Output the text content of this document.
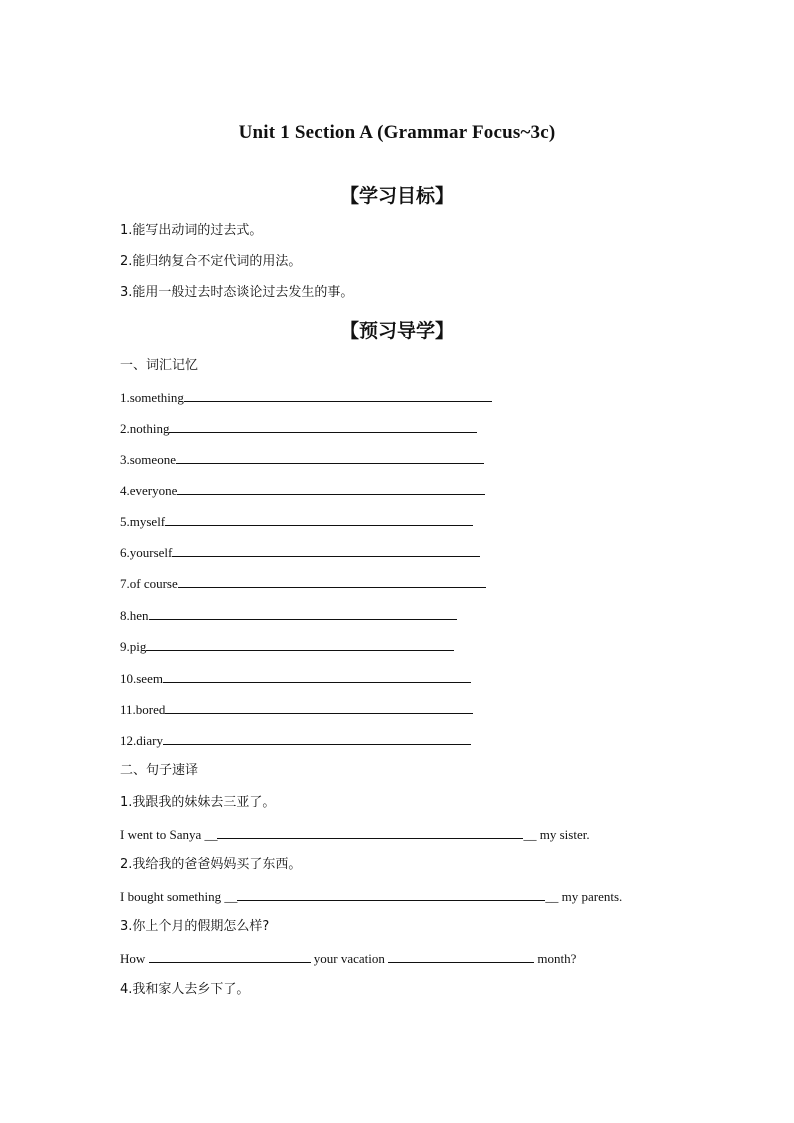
Unit 1 Section A (Grammar Focus~3c)
【学习目标】
1.能写出动词的过去式。
2.能归纳复合不定代词的用法。
3.能用一般过去时态谈论过去发生的事。
【预习导学】
一、词汇记忆
1.something
2.nothing
3.someone
4.everyone
5.myself
6.yourself
7.of course
8.hen
9.pig
10.seem
11.bored
12.diary
二、句子速译
1.我跟我的妹妹去三亚了。
I went to Sanya __	__ my sister.
2.我给我的爸爸妈妈买了东西。
I bought something __	__ my parents.
3.你上个月的假期怎么样?
How	your vacation	month?
4.我和家人去乡下了。
